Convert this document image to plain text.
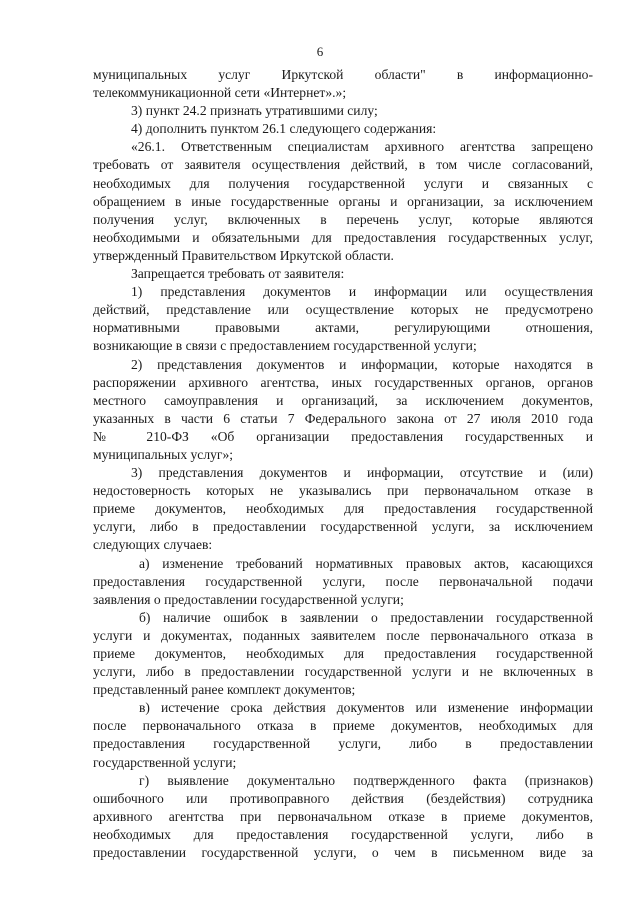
6
муниципальных услуг Иркутской области" в информационно-
телекоммуникационной сети «Интернет».»;
3) пункт 24.2 признать утратившими силу;
4) дополнить пунктом 26.1 следующего содержания:
«26.1. Ответственным специалистам архивного агентства запрещено
требовать от заявителя осуществления действий, в том числе согласований,
необходимых для получения государственной услуги и связанных с
обращением в иные государственные органы и организации, за исключением
получения услуг, включенных в перечень услуг, которые являются
необходимыми и обязательными для предоставления государственных услуг,
утвержденный Правительством Иркутской области.
Запрещается требовать от заявителя:
1) представления документов и информации или осуществления
действий, представление или осуществление которых не предусмотрено
нормативными правовыми актами, регулирующими отношения,
возникающие в связи с предоставлением государственной услуги;
2) представления документов и информации, которые находятся в
распоряжении архивного агентства, иных государственных органов, органов
местного самоуправления и организаций, за исключением документов,
указанных в части 6 статьи 7 Федерального закона от 27 июля 2010 года
№ 210-ФЗ «Об организации предоставления государственных и
муниципальных услуг»;
3) представления документов и информации, отсутствие и (или)
недостоверность которых не указывались при первоначальном отказе в
приеме документов, необходимых для предоставления государственной
услуги, либо в предоставлении государственной услуги, за исключением
следующих случаев:
а) изменение требований нормативных правовых актов, касающихся
предоставления государственной услуги, после первоначальной подачи
заявления о предоставлении государственной услуги;
б) наличие ошибок в заявлении о предоставлении государственной
услуги и документах, поданных заявителем после первоначального отказа в
приеме документов, необходимых для предоставления государственной
услуги, либо в предоставлении государственной услуги и не включенных в
представленный ранее комплект документов;
в) истечение срока действия документов или изменение информации
после первоначального отказа в приеме документов, необходимых для
предоставления государственной услуги, либо в предоставлении
государственной услуги;
г) выявление документально подтвержденного факта (признаков)
ошибочного или противоправного действия (бездействия) сотрудника
архивного агентства при первоначальном отказе в приеме документов,
необходимых для предоставления государственной услуги, либо в
предоставлении государственной услуги, о чем в письменном виде за
